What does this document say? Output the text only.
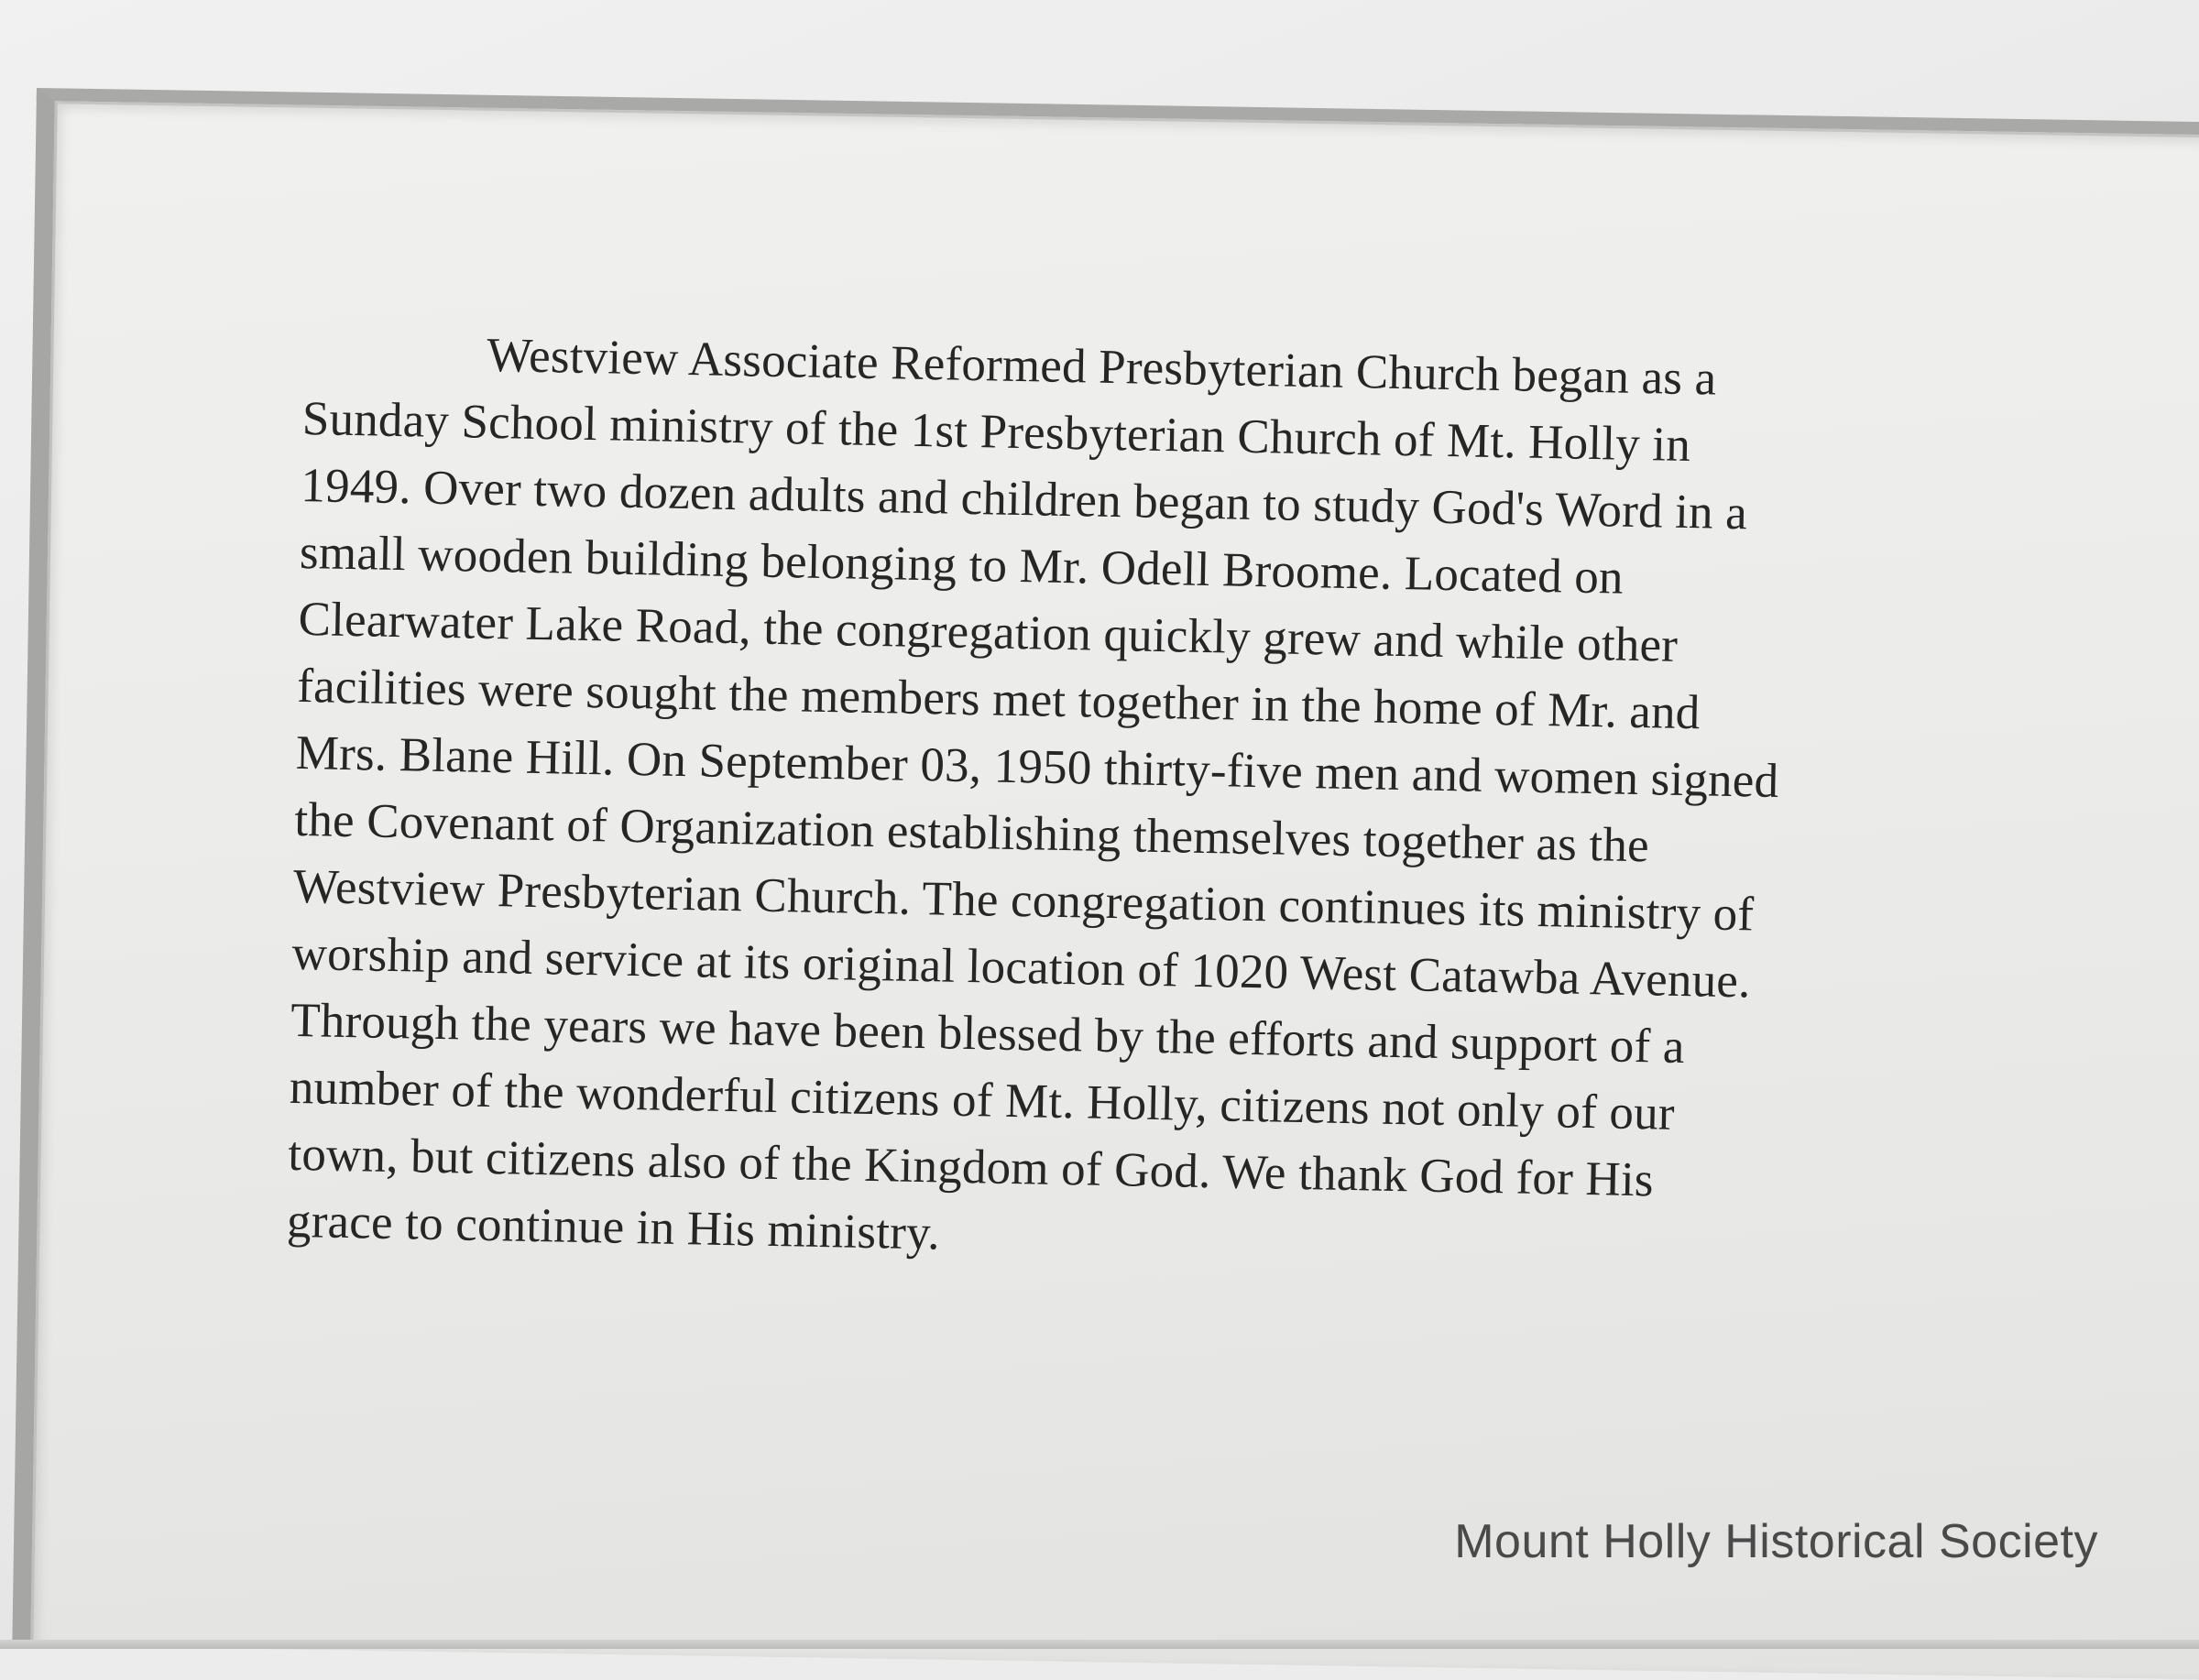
Westview Associate Reformed Presbyterian Church began as a
Sunday School ministry of the 1st Presbyterian Church of Mt. Holly in
1949. Over two dozen adults and children began to study God's Word in a
small wooden building belonging to Mr. Odell Broome. Located on
Clearwater Lake Road, the congregation quickly grew and while other
facilities were sought the members met together in the home of Mr. and
Mrs. Blane Hill. On September 03, 1950 thirty-five men and women signed
the Covenant of Organization establishing themselves together as the
Westview Presbyterian Church. The congregation continues its ministry of
worship and service at its original location of 1020 West Catawba Avenue.
Through the years we have been blessed by the efforts and support of a
number of the wonderful citizens of Mt. Holly, citizens not only of our
town, but citizens also of the Kingdom of God. We thank God for His
grace to continue in His ministry.
Mount Holly Historical Society
